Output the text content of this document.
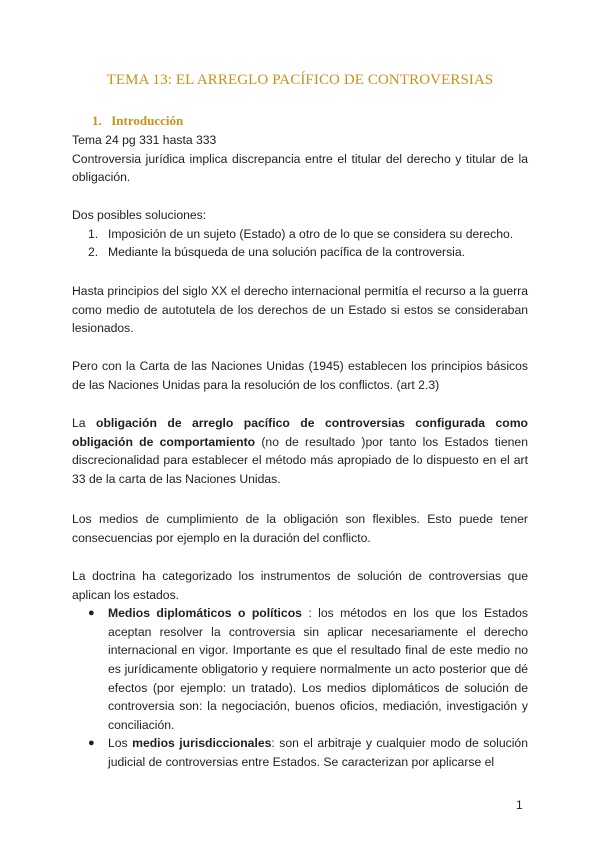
TEMA 13: EL ARREGLO PACÍFICO DE CONTROVERSIAS
1. Introducción

Tema 24 pg 331 hasta 333

Controversia jurídica implica discrepancia entre el titular del derecho y titular de la obligación.

Dos posibles soluciones:

1. Imposición de un sujeto (Estado) a otro de lo que se considera su derecho.
2. Mediante la búsqueda de una solución pacífica de la controversia.
Hasta principios del siglo XX el derecho internacional permitía el recurso a la guerra como medio de autotutela de los derechos de un Estado si estos se consideraban lesionados.
Pero con la Carta de las Naciones Unidas (1945) establecen los principios básicos de las Naciones Unidas para la resolución de los conflictos. (art 2.3)
La obligación de arreglo pacífico de controversias configurada como obligación de comportamiento (no de resultado )por tanto los Estados tienen discrecionalidad para establecer el método más apropiado de lo dispuesto en el art 33 de la carta de las Naciones Unidas.
Los medios de cumplimiento de la obligación son flexibles. Esto puede tener consecuencias por ejemplo en la duración del conflicto.

La doctrina ha categorizado los instrumentos de solución de controversias que aplican los estados.

● Medios diplomáticos o políticos : los métodos en los que los Estados aceptan resolver la controversia sin aplicar necesariamente el derecho internacional en vigor. Importante es que el resultado final de este medio no es jurídicamente obligatorio y requiere normalmente un acto posterior que dé efectos (por ejemplo: un tratado). Los medios diplomáticos de solución de controversia son: la negociación, buenos oficios, mediación, investigación y conciliación.
● Los medios jurisdiccionales: son el arbitraje y cualquier modo de solución judicial de controversias entre Estados. Se caracterizan por aplicarse el
1
